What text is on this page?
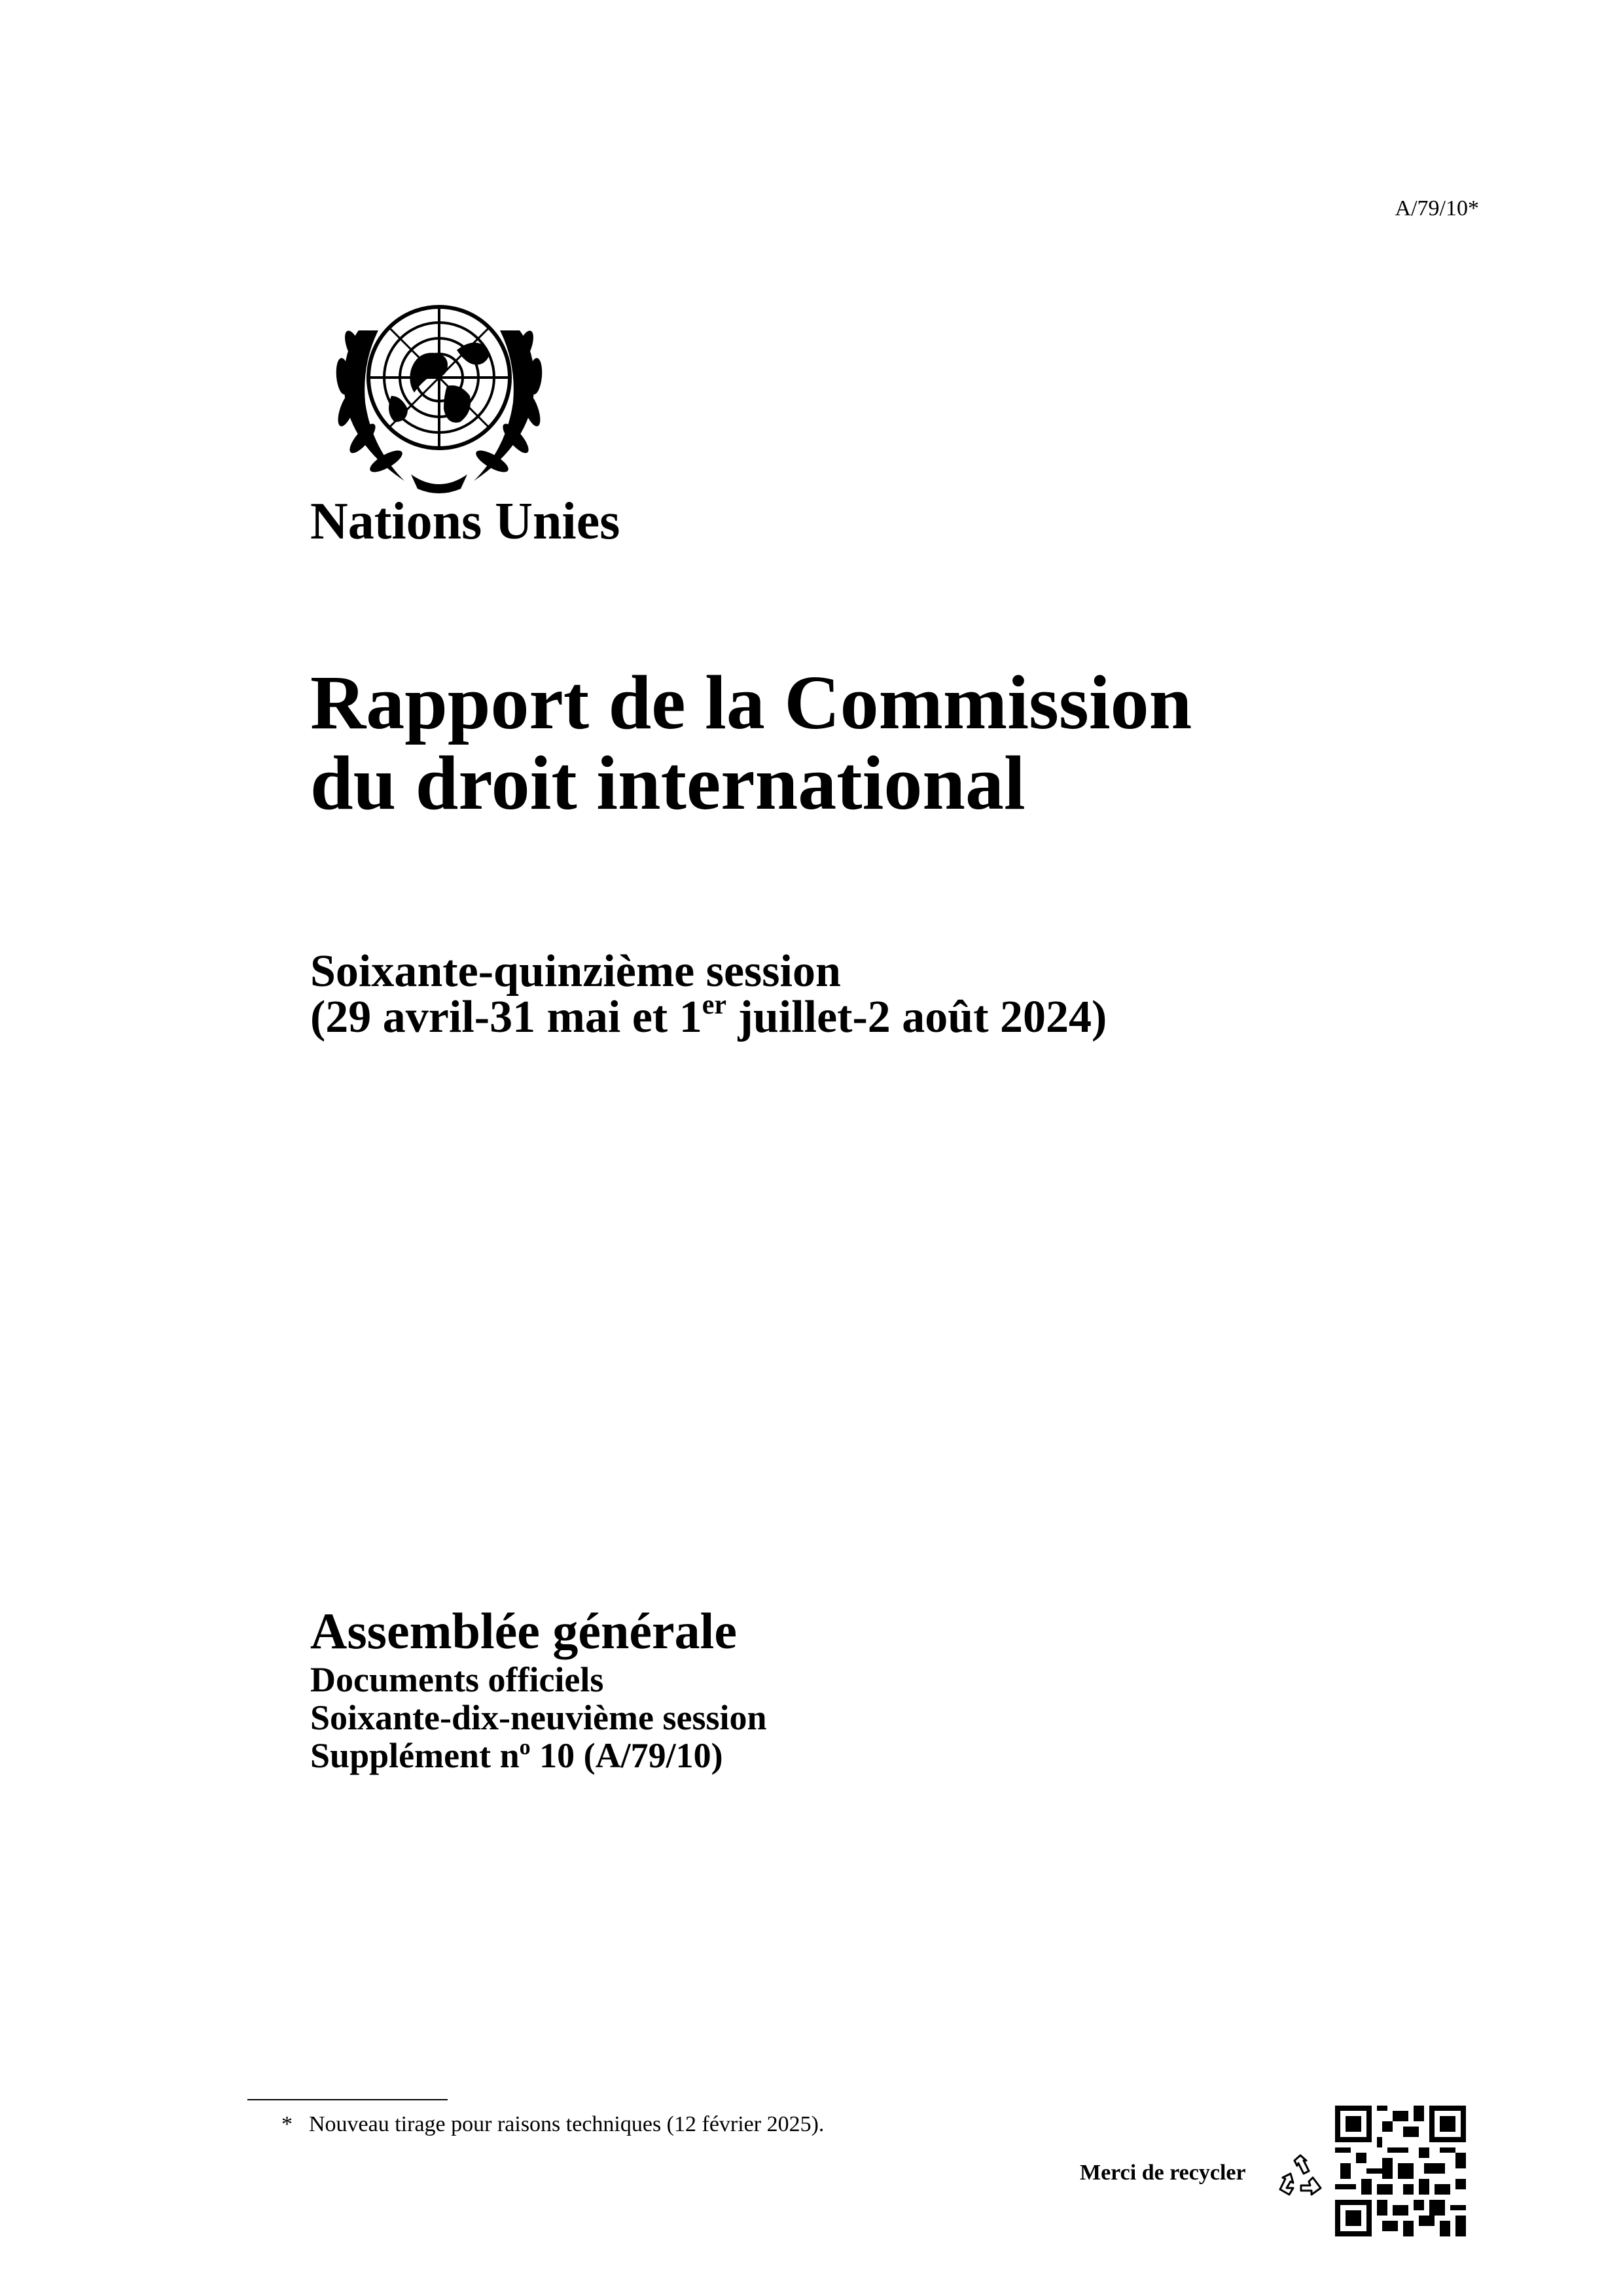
A/79/10*
Nations Unies
Rapport de la Commission
du droit international
Soixante-quinzième session
(29 avril-31 mai et 1er juillet-2 août 2024)
Assemblée générale
Documents officiels
Soixante-dix-neuvième session
Supplément $n^o$ 10 (A/79/10)
* Nouveau tirage pour raisons techniques (12 février 2025).
Merci de recycler
